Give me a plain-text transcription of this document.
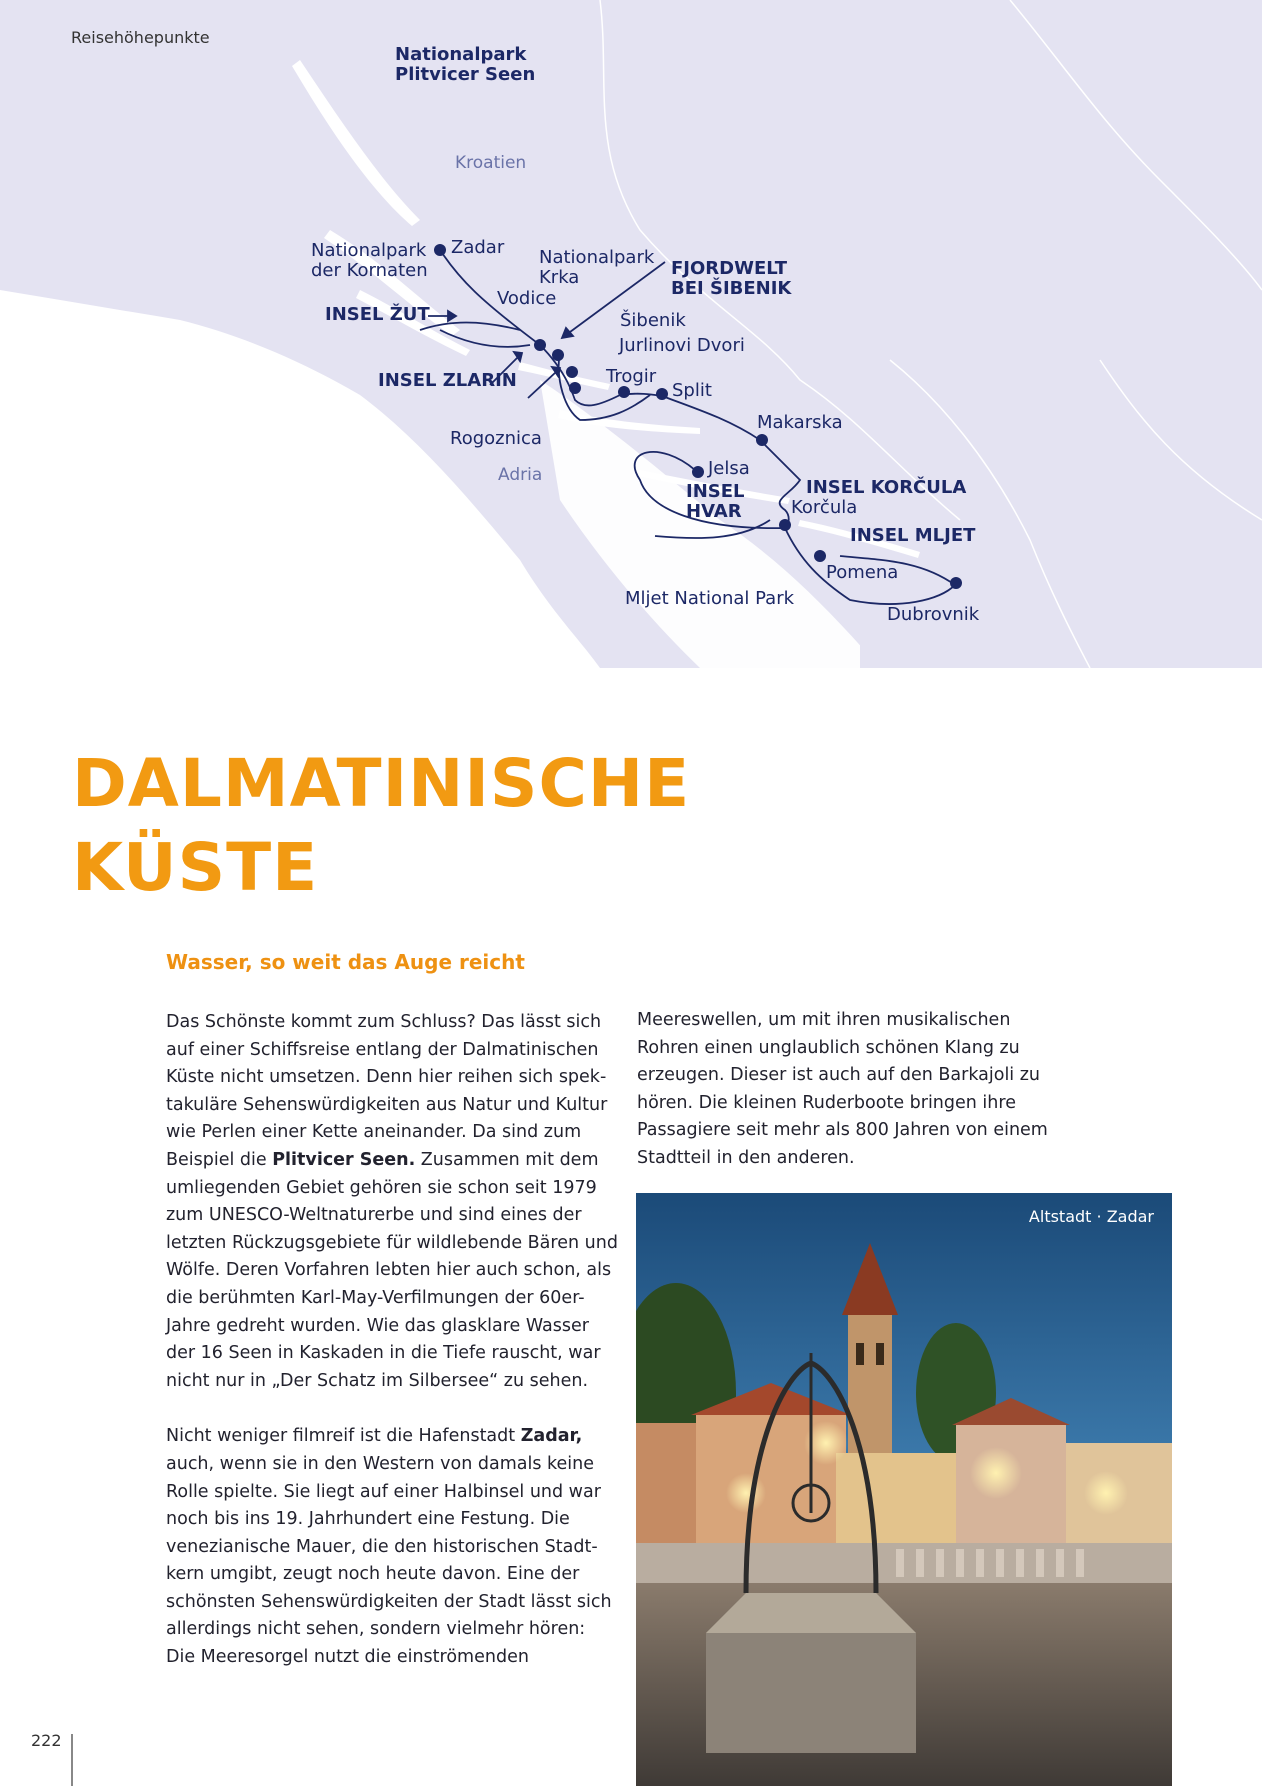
Reisehöhepunkte
Nationalpark
Plitvicer Seen
Kroatien
Nationalpark
der Kornaten
Zadar Nationalpark
Krka	FJORDWELT
BEI ŠIBENIK
Vodice
INSEL ŽUT	Šibenik
Jurlinovi Dvori
INSEL ZLARIN	Trogir
Split
Makarska
Rogoznica
Adria	Jelsa
INSEL
HVAR
INSEL KORČULA
Korčula
INSEL MLJET
Pomena
Mljet National Park
Dubrovnik
DALMATINISCHE
KÜSTE
Wasser, so weit das Auge reicht

Das Schönste kommt zum Schluss? Das lässt sich auf einer Schiffsreise entlang der Dalmatinischen Küste nicht umsetzen. Denn hier reihen sich spektakuläre Sehenswürdigkeiten aus Natur und Kultur wie Perlen einer Kette aneinander. Da sind zum Beispiel die Plitvicer Seen. Zusammen mit dem umliegenden Gebiet gehören sie schon seit 1979 zum UNESCO-Weltnaturerbe und sind eines der letzten Rückzugsgebiete für wildlebende Bären und Wölfe. Deren Vorfahren lebten hier auch schon, als die berühmten Karl-May-Verfilmungen der 60er-Jahre gedreht wurden. Wie das glasklare Wasser der 16 Seen in Kaskaden in die Tiefe rauscht, war nicht nur in „Der Schatz im Silbersee“ zu sehen.

Nicht weniger filmreif ist die Hafenstadt Zadar, auch, wenn sie in den Western von damals keine Rolle spielte. Sie liegt auf einer Halbinsel und war noch bis ins 19. Jahrhundert eine Festung. Die venezianische Mauer, die den historischen Stadtkern umgibt, zeugt noch heute davon. Eine der schönsten Sehenswürdigkeiten der Stadt lässt sich allerdings nicht sehen, sondern vielmehr hören: Die Meeresorgel nutzt die einströmenden

Meereswellen, um mit ihren musikalischen Rohren einen unglaublich schönen Klang zu erzeugen. Dieser ist auch auf den Barkajoli zu hören. Die kleinen Ruderboote bringen ihre Passagiere seit mehr als 800 Jahren von einem Stadtteil in den anderen.

Altstadt · Zadar
222
